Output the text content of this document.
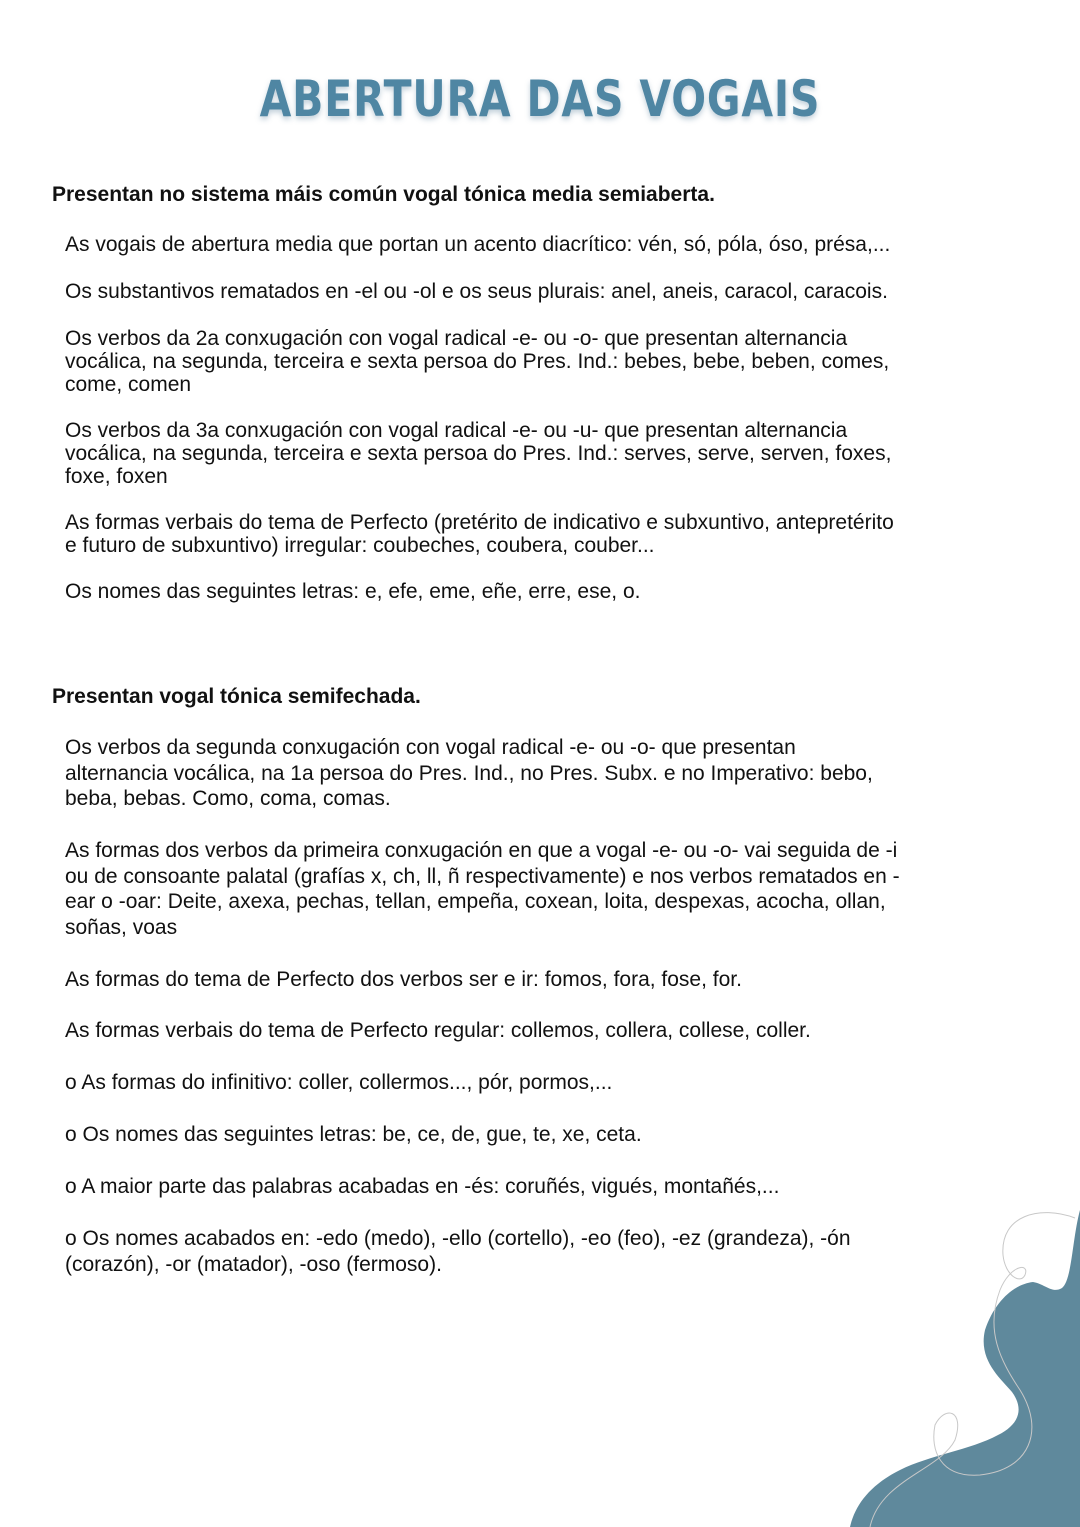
ABERTURA DAS VOGAIS
Presentan no sistema máis común vogal tónica media semiaberta.
As vogais de abertura media que portan un acento diacrítico: vén, só, póla, óso, présa,...
Os substantivos rematados en -el ou -ol e os seus plurais: anel, aneis, caracol, caracois.
Os verbos da 2a conxugación con vogal radical -e- ou -o- que presentan alternancia
vocálica, na segunda, terceira e sexta persoa do Pres. Ind.: bebes, bebe, beben, comes,
come, comen
Os verbos da 3a conxugación con vogal radical -e- ou -u- que presentan alternancia
vocálica, na segunda, terceira e sexta persoa do Pres. Ind.: serves, serve, serven, foxes,
foxe, foxen
As formas verbais do tema de Perfecto (pretérito de indicativo e subxuntivo, antepretérito
e futuro de subxuntivo) irregular: coubeches, coubera, couber...
Os nomes das seguintes letras: e, efe, eme, eñe, erre, ese, o.
Presentan vogal tónica semifechada.
Os verbos da segunda conxugación con vogal radical -e- ou -o- que presentan
alternancia vocálica, na 1a persoa do Pres. Ind., no Pres. Subx. e no Imperativo: bebo,
beba, bebas. Como, coma, comas.
As formas dos verbos da primeira conxugación en que a vogal -e- ou -o- vai seguida de -i
ou de consoante palatal (grafías x, ch, ll, ñ respectivamente) e nos verbos rematados en -
ear o -oar: Deite, axexa, pechas, tellan, empeña, coxean, loita, despexas, acocha, ollan,
soñas, voas
As formas do tema de Perfecto dos verbos ser e ir: fomos, fora, fose, for.
As formas verbais do tema de Perfecto regular: collemos, collera, collese, coller.
o As formas do infinitivo: coller, collermos..., pór, pormos,...
o Os nomes das seguintes letras: be, ce, de, gue, te, xe, ceta.
o A maior parte das palabras acabadas en -és: coruñés, vigués, montañés,...
o Os nomes acabados en: -edo (medo), -ello (cortello), -eo (feo), -ez (grandeza), -ón
(corazón), -or (matador), -oso (fermoso).
